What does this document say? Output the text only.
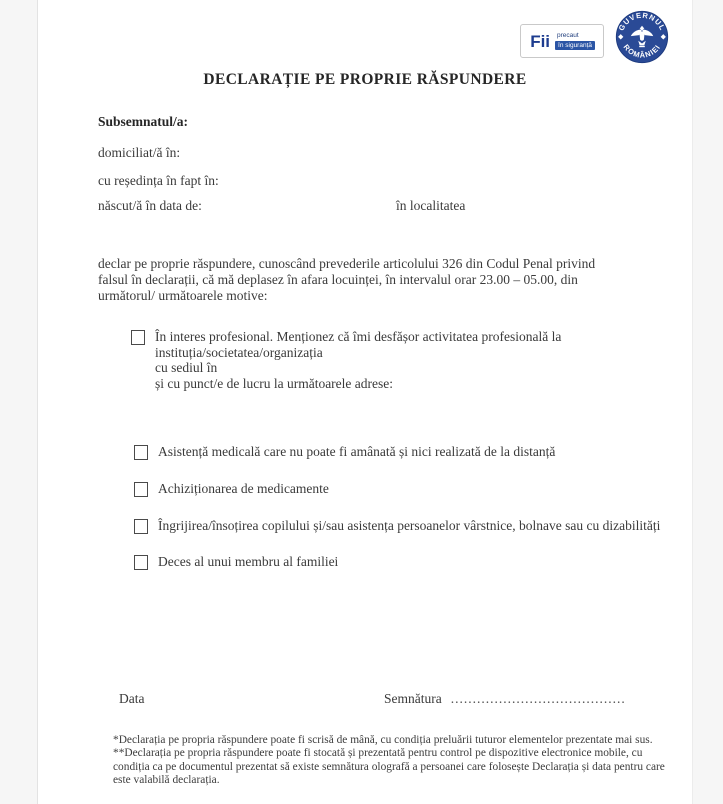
Fii	precaut
în siguranță
GUVERNUL
ROMÂNIEI
DECLARAȚIE PE PROPRIE RĂSPUNDERE
Subsemnatul/a:
domiciliat/ă în:
cu reședința în fapt în:
născut/ă în data de:	în localitatea
declar pe proprie răspundere, cunoscând prevederile articolului 326 din Codul Penal privind falsul în declarații, că mă deplasez în afara locuinței, în intervalul orar 23.00 – 05.00, din următorul/ următoarele motive:
În interes profesional. Menționez că îmi desfășor activitatea profesională la
instituția/societatea/organizația
cu sediul în
și cu punct/e de lucru la următoarele adrese:
Asistență medicală care nu poate fi amânată și nici realizată de la distanță
Achiziționarea de medicamente
Îngrijirea/însoțirea copilului și/sau asistența persoanelor vârstnice, bolnave sau cu dizabilități
Deces al unui membru al familiei
Data	Semnătura ........................................

*Declarația pe propria răspundere poate fi scrisă de mână, cu condiția preluării tuturor elementelor prezentate mai sus.

**Declarația pe propria răspundere poate fi stocată și prezentată pentru control pe dispozitive electronice mobile, cu condiția ca pe documentul prezentat să existe semnătura olografă a persoanei care folosește Declarația și data pentru care este valabilă declarația.
